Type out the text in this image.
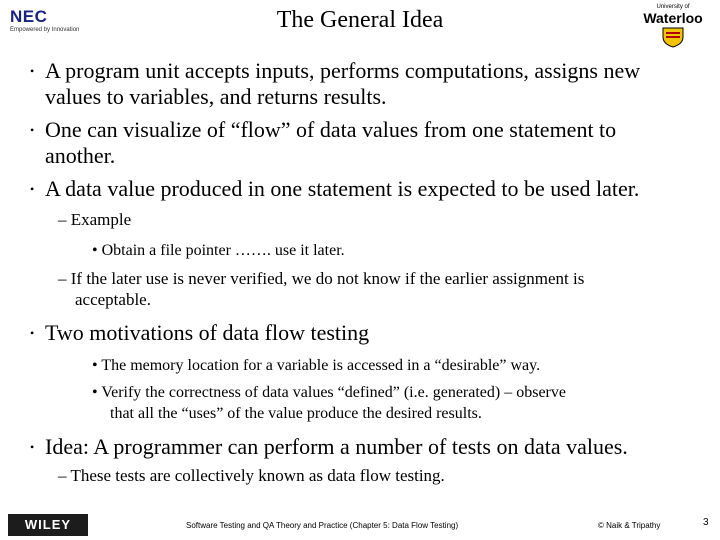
NEC
Empowered by Innovation	The General Idea	University of
Waterloo
• A program unit accepts inputs, performs computations, assigns new
values to variables, and returns results.
• One can visualize of “flow” of data values from one statement to
another.
• A data value produced in one statement is expected to be used later.
– Example
• Obtain a file pointer ……. use it later.
– If the later use is never verified, we do not know if the earlier assignment is
acceptable.
• Two motivations of data flow testing
• The memory location for a variable is accessed in a “desirable” way.
• Verify the correctness of data values “defined” (i.e. generated) – observe
that all the “uses” of the value produce the desired results.
• Idea: A programmer can perform a number of tests on data values.
– These tests are collectively known as data flow testing.
WILEY	Software Testing and QA Theory and Practice (Chapter 5: Data Flow Testing)	© Naik & Tripathy	3
